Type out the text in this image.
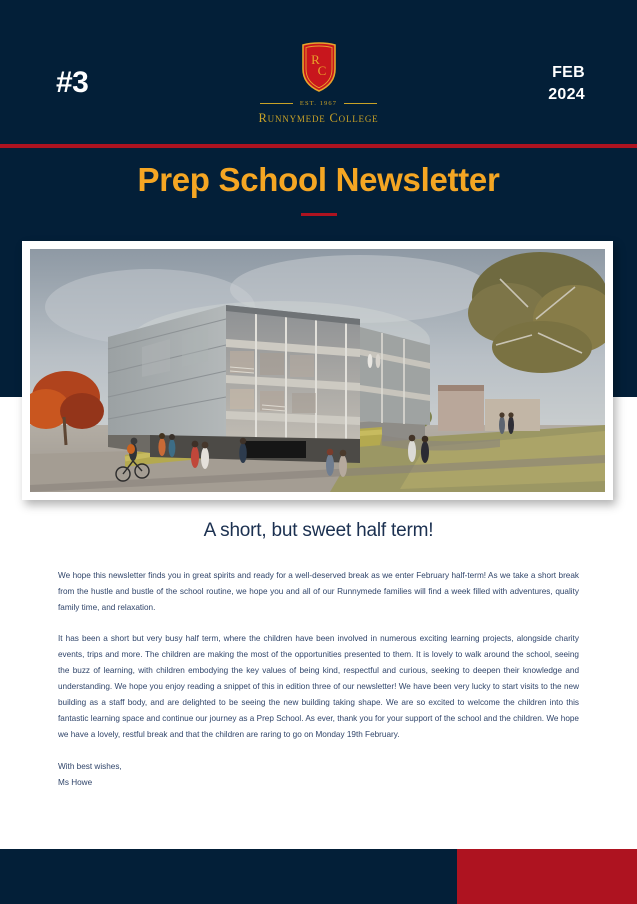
#3
R
C
EST. 1967
Runnymede College
FEB
2024
Prep School Newsletter
A short, but sweet half term!

We hope this newsletter finds you in great spirits and ready for a well-deserved break as we enter February half-term! As we take a short break from the hustle and bustle of the school routine, we hope you and all of our Runnymede families will find a week filled with adventures, quality family time, and relaxation.

It has been a short but very busy half term, where the children have been involved in numerous exciting learning projects, alongside charity events, trips and more. The children are making the most of the opportunities presented to them. It is lovely to walk around the school, seeing the buzz of learning, with children embodying the key values of being kind, respectful and curious, seeking to deepen their knowledge and understanding. We hope you enjoy reading a snippet of this in edition three of our newsletter! We have been very lucky to start visits to the new building as a staff body, and are delighted to be seeing the new building taking shape. We are so excited to welcome the children into this fantastic learning space and continue our journey as a Prep School. As ever, thank you for your support of the school and the children. We hope we have a lovely, restful break and that the children are raring to go on Monday 19th February.

With best wishes,
Ms Howe
